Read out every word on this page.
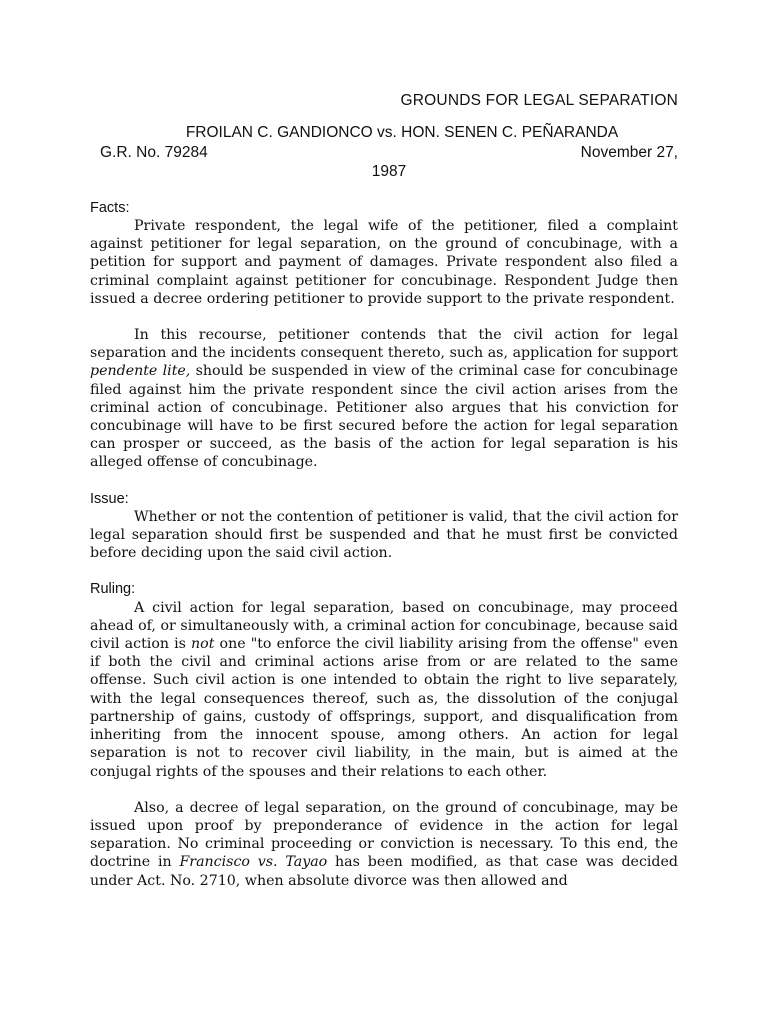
GROUNDS FOR LEGAL SEPARATION
FROILAN C. GANDIONCO vs. HON. SENEN C. PEÑARANDA
G.R. No. 79284	November 27,
1987
Facts:

Private respondent, the legal wife of the petitioner, filed a complaint against petitioner for legal separation, on the ground of concubinage, with a petition for support and payment of damages. Private respondent also filed a criminal complaint against petitioner for concubinage. Respondent Judge then issued a decree ordering petitioner to provide support to the private respondent.

In this recourse, petitioner contends that the civil action for legal separation and the incidents consequent thereto, such as, application for support pendente lite, should be suspended in view of the criminal case for concubinage filed against him the private respondent since the civil action arises from the criminal action of concubinage. Petitioner also argues that his conviction for concubinage will have to be first secured before the action for legal separation can prosper or succeed, as the basis of the action for legal separation is his alleged offense of concubinage.

Issue:

Whether or not the contention of petitioner is valid, that the civil action for legal separation should first be suspended and that he must first be convicted before deciding upon the said civil action.

Ruling:

A civil action for legal separation, based on concubinage, may proceed ahead of, or simultaneously with, a criminal action for concubinage, because said civil action is not one "to enforce the civil liability arising from the offense" even if both the civil and criminal actions arise from or are related to the same offense. Such civil action is one intended to obtain the right to live separately, with the legal consequences thereof, such as, the dissolution of the conjugal partnership of gains, custody of offsprings, support, and disqualification from inheriting from the innocent spouse, among others. An action for legal separation is not to recover civil liability, in the main, but is aimed at the conjugal rights of the spouses and their relations to each other.

Also, a decree of legal separation, on the ground of concubinage, may be issued upon proof by preponderance of evidence in the action for legal separation. No criminal proceeding or conviction is necessary. To this end, the doctrine in Francisco vs. Tayao has been modified, as that case was decided under Act. No. 2710, when absolute divorce was then allowed and
